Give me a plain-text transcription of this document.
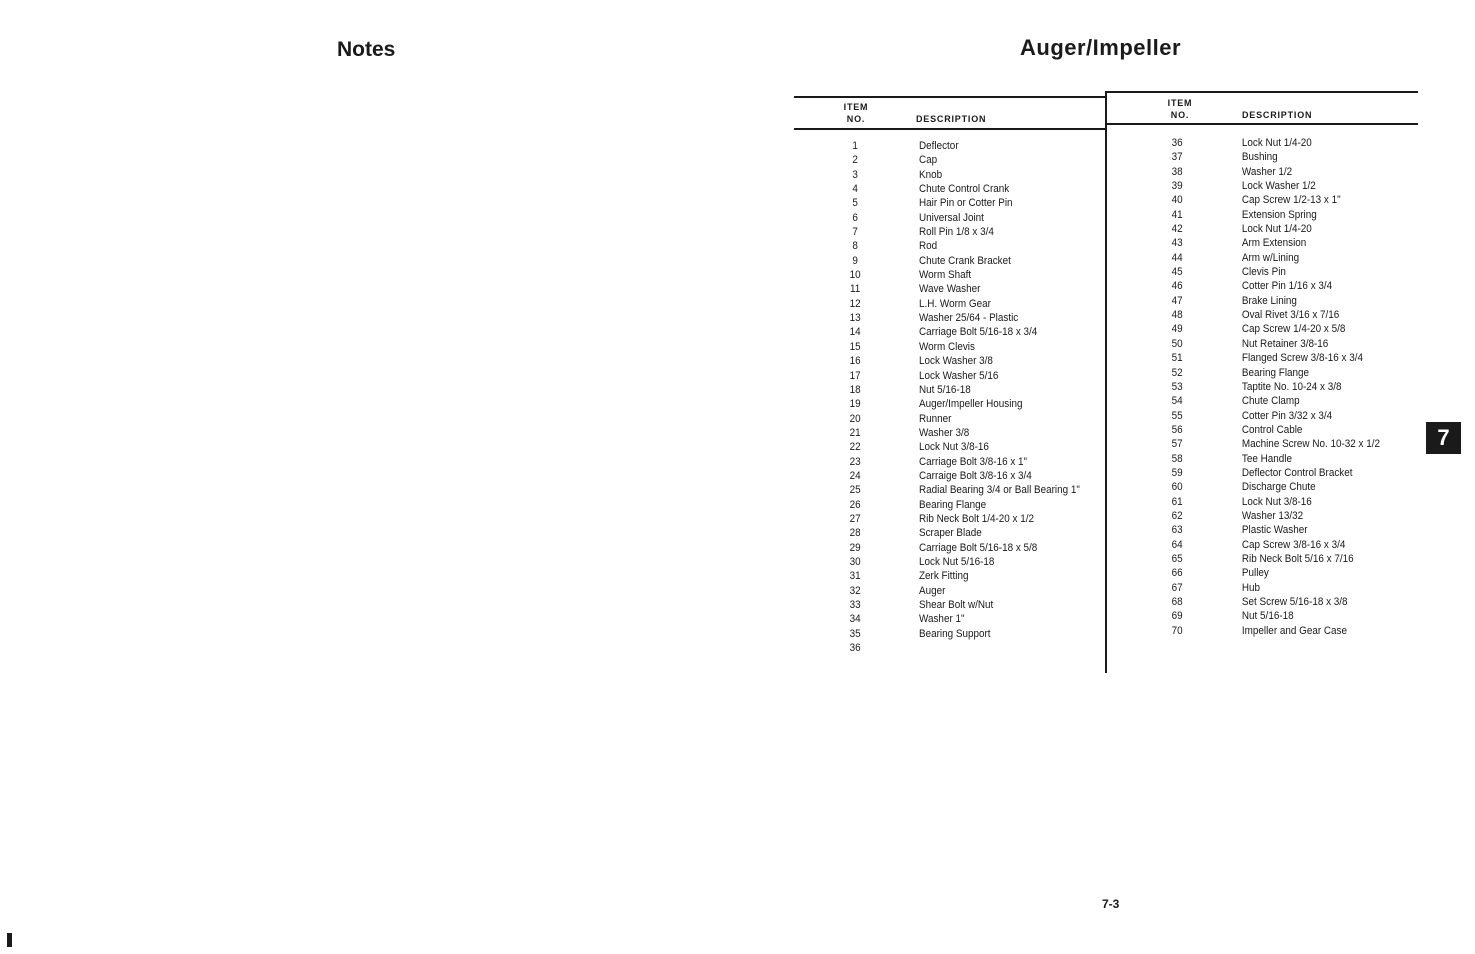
Notes	Auger/Impeller
ITEM
NO.	DESCRIPTION
ITEM
NO.	DESCRIPTION
1	Deflector
2	Cap
3	Knob
4	Chute Control Crank
5	Hair Pin or Cotter Pin
6	Universal Joint
7	Roll Pin 1/8 x 3/4
8	Rod
9	Chute Crank Bracket
10	Worm Shaft
11	Wave Washer
12	L.H. Worm Gear
13	Washer 25/64 - Plastic
14	Carriage Bolt 5/16-18 x 3/4
15	Worm Clevis
16	Lock Washer 3/8
17	Lock Washer 5/16
18	Nut 5/16-18
19	Auger/Impeller Housing
20	Runner
21	Washer 3/8
22	Lock Nut 3/8-16
23	Carriage Bolt 3/8-16 x 1"
24	Carraige Bolt 3/8-16 x 3/4
25	Radial Bearing 3/4 or Ball Bearing 1"
26	Bearing Flange
27	Rib Neck Bolt 1/4-20 x 1/2
28	Scraper Blade
29	Carriage Bolt 5/16-18 x 5/8
30	Lock Nut 5/16-18
31	Zerk Fitting
32	Auger
33	Shear Bolt w/Nut
34	Washer 1"
35	Bearing Support
36
36	Lock Nut 1/4-20
37	Bushing
38	Washer 1/2
39	Lock Washer 1/2
40	Cap Screw 1/2-13 x 1"
41	Extension Spring
42	Lock Nut 1/4-20
43	Arm Extension
44	Arm w/Lining
45	Clevis Pin
46	Cotter Pin 1/16 x 3/4
47	Brake Lining
48	Oval Rivet 3/16 x 7/16
49	Cap Screw 1/4-20 x 5/8
50	Nut Retainer 3/8-16
51	Flanged Screw 3/8-16 x 3/4
52	Bearing Flange
53	Taptite No. 10-24 x 3/8
54	Chute Clamp
55	Cotter Pin 3/32 x 3/4
56	Control Cable
57	Machine Screw No. 10-32 x 1/2
58	Tee Handle
59	Deflector Control Bracket
60	Discharge Chute
61	Lock Nut 3/8-16
62	Washer 13/32
63	Plastic Washer
64	Cap Screw 3/8-16 x 3/4
65	Rib Neck Bolt 5/16 x 7/16
66	Pulley
67	Hub
68	Set Screw 5/16-18 x 3/8
69	Nut 5/16-18
70	Impeller and Gear Case
7
7-3
